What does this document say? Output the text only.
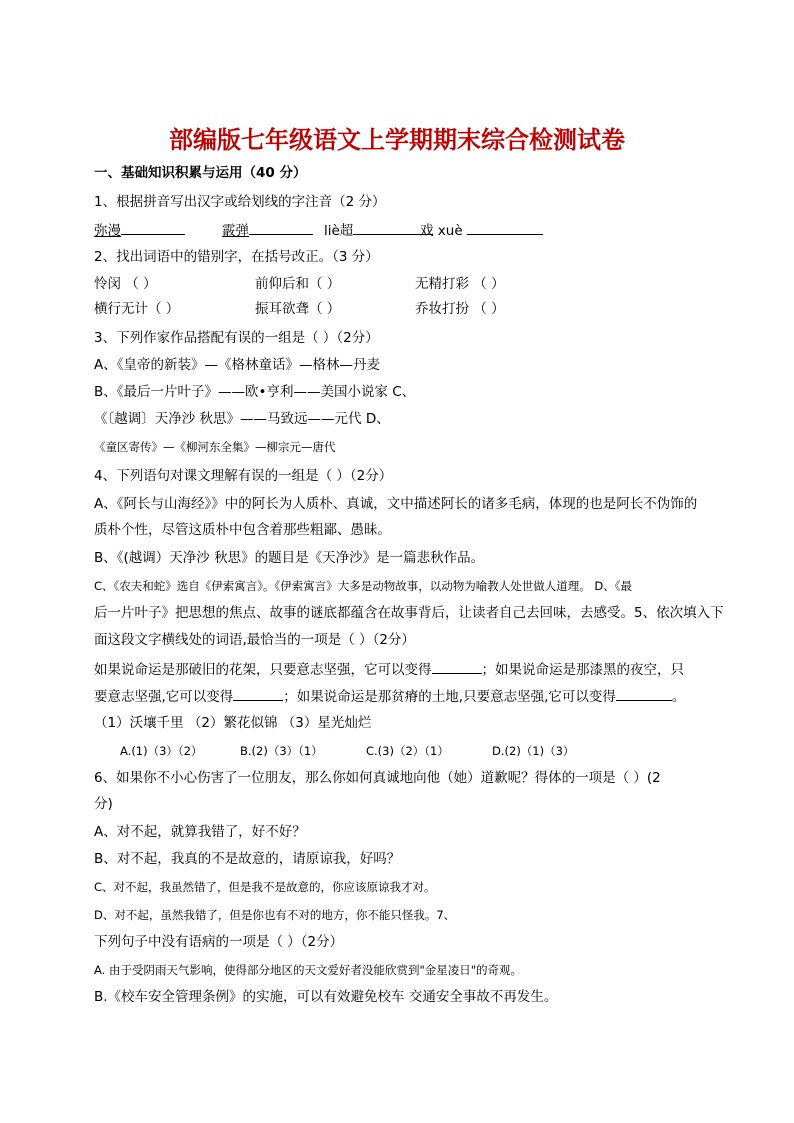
部编版七年级语文上学期期末综合检测试卷
一、基础知识积累与运用（40 分）
1、根据拼音写出汉字或给划线的字注音（2 分）
弥漫	霰弹	liè超	戏 xuè
2、找出词语中的错别字，在括号改正。（3 分）
怜闵 （ ）	前仰后和（ ）	无精打彩 （ ）
横行无计（ ）	振耳欲聋（ ）	乔妆打扮 （ ）
3、下列作家作品搭配有误的一组是（ ）（2分）
A、《皇帝的新装》—《格林童话》—格林—丹麦
B、《最后一片叶子》——欧•亨利——美国小说家 C、
《〔越调〕天净沙 秋思》——马致远——元代 D、
《童区寄传》—《柳河东全集》—柳宗元—唐代
4、下列语句对课文理解有误的一组是（ ）（2分）
A、《阿长与山海经》》中的阿长为人质朴、真诚，文中描述阿长的诸多毛病，体现的也是阿长不伪饰的
质朴个性，尽管这质朴中包含着那些粗鄙、愚昧。
B、《(越调）天净沙 秋思》的题目是《天净沙》是一篇悲秋作品。
C、《农夫和蛇》选自《伊索寓言》。《伊索寓言》大多是动物故事，以动物为喻教人处世做人道理。 D、《最
后一片叶子》把思想的焦点、故事的谜底都蕴含在故事背后，让读者自己去回味，去感受。5、依次填入下
面这段文字横线处的词语,最恰当的一项是（ ）（2分）
如果说命运是那破旧的花架，只要意志坚强，它可以变得	；如果说命运是那漆黑的夜空，只
要意志坚强,它可以变得	；如果说命运是那贫瘠的土地,只要意志坚强,它可以变得	。
（1）沃壤千里 （2）繁花似锦 （3）星光灿烂
A.(1)（3）（2）	B.(2)（3）（1）	C.(3)（2）（1）	D.(2)（1)（3）
6、如果你不小心伤害了一位朋友，那么你如何真诚地向他（她）道歉呢？得体的一项是（ ）(2
分)
A、对不起，就算我错了，好不好？
B、对不起，我真的不是故意的，请原谅我，好吗？
C、对不起，我虽然错了，但是我不是故意的，你应该原谅我才对。
D、对不起，虽然我错了，但是你也有不对的地方，你不能只怪我。7、
下列句子中没有语病的一项是（ ）（2分）
A. 由于受阴雨天气影响，使得部分地区的天文爱好者没能欣赏到"金星凌日"的奇观。
B.《校车安全管理条例》的实施，可以有效避免校车 交通安全事故不再发生。
